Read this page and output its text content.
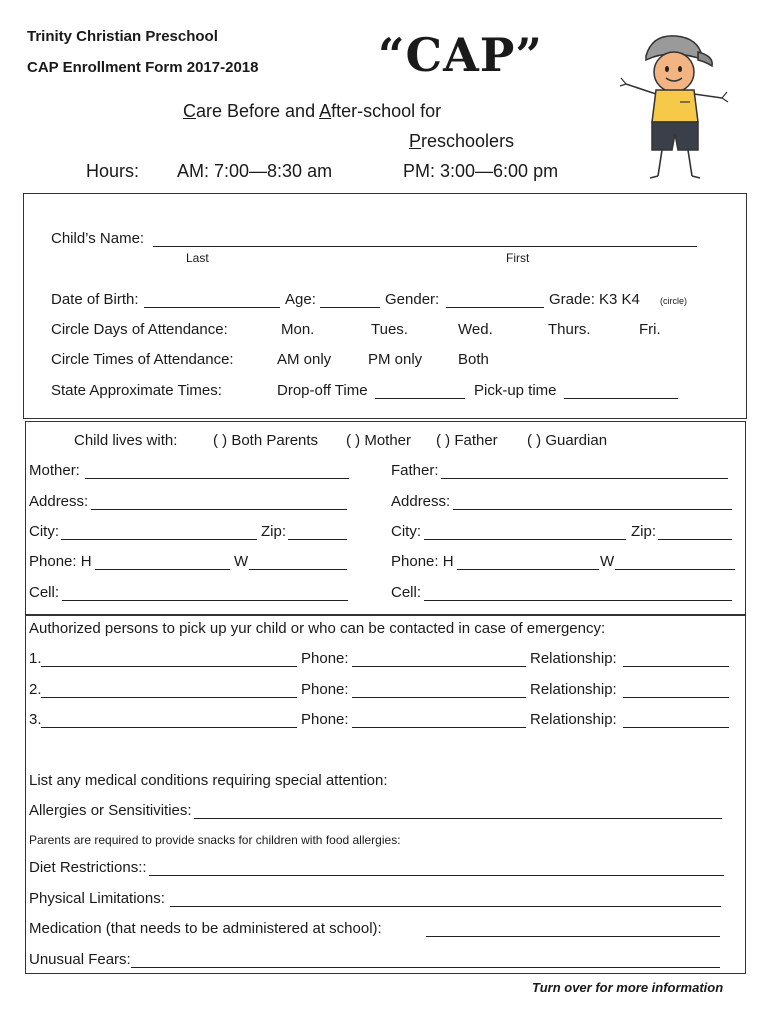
Trinity Christian Preschool
CAP Enrollment Form 2017-2018	“CAP”
Care Before and After-school for
Preschoolers
Hours: AM: 7:00—8:30 am	PM: 3:00—6:00 pm
Child’s Name:
Last	First
Date of Birth:	Age:	Gender:	Grade: K3 K4 (circle)
Circle Days of Attendance:	Mon.	Tues.	Wed.	Thurs.	Fri.
Circle Times of Attendance:	AM only PM only Both
State Approximate Times:	Drop-off Time	Pick-up time
Child lives with: ( ) Both Parents ( ) Mother ( ) Father ( ) Guardian
Mother:
Address:
City:	Zip:
Phone: H	W
Cell:
Father:
Address:
City:	Zip:
Phone: H	W
Cell:
Authorized persons to pick up yur child or who can be contacted in case of emergency:
1.	Phone:	Relationship:
2.	Phone:	Relationship:
3.	Phone:	Relationship:
List any medical conditions requiring special attention:
Allergies or Sensitivities:
Parents are required to provide snacks for children with food allergies:
Diet Restrictions::
Physical Limitations:
Medication (that needs to be administered at school):
Unusual Fears:
Turn over for more information
